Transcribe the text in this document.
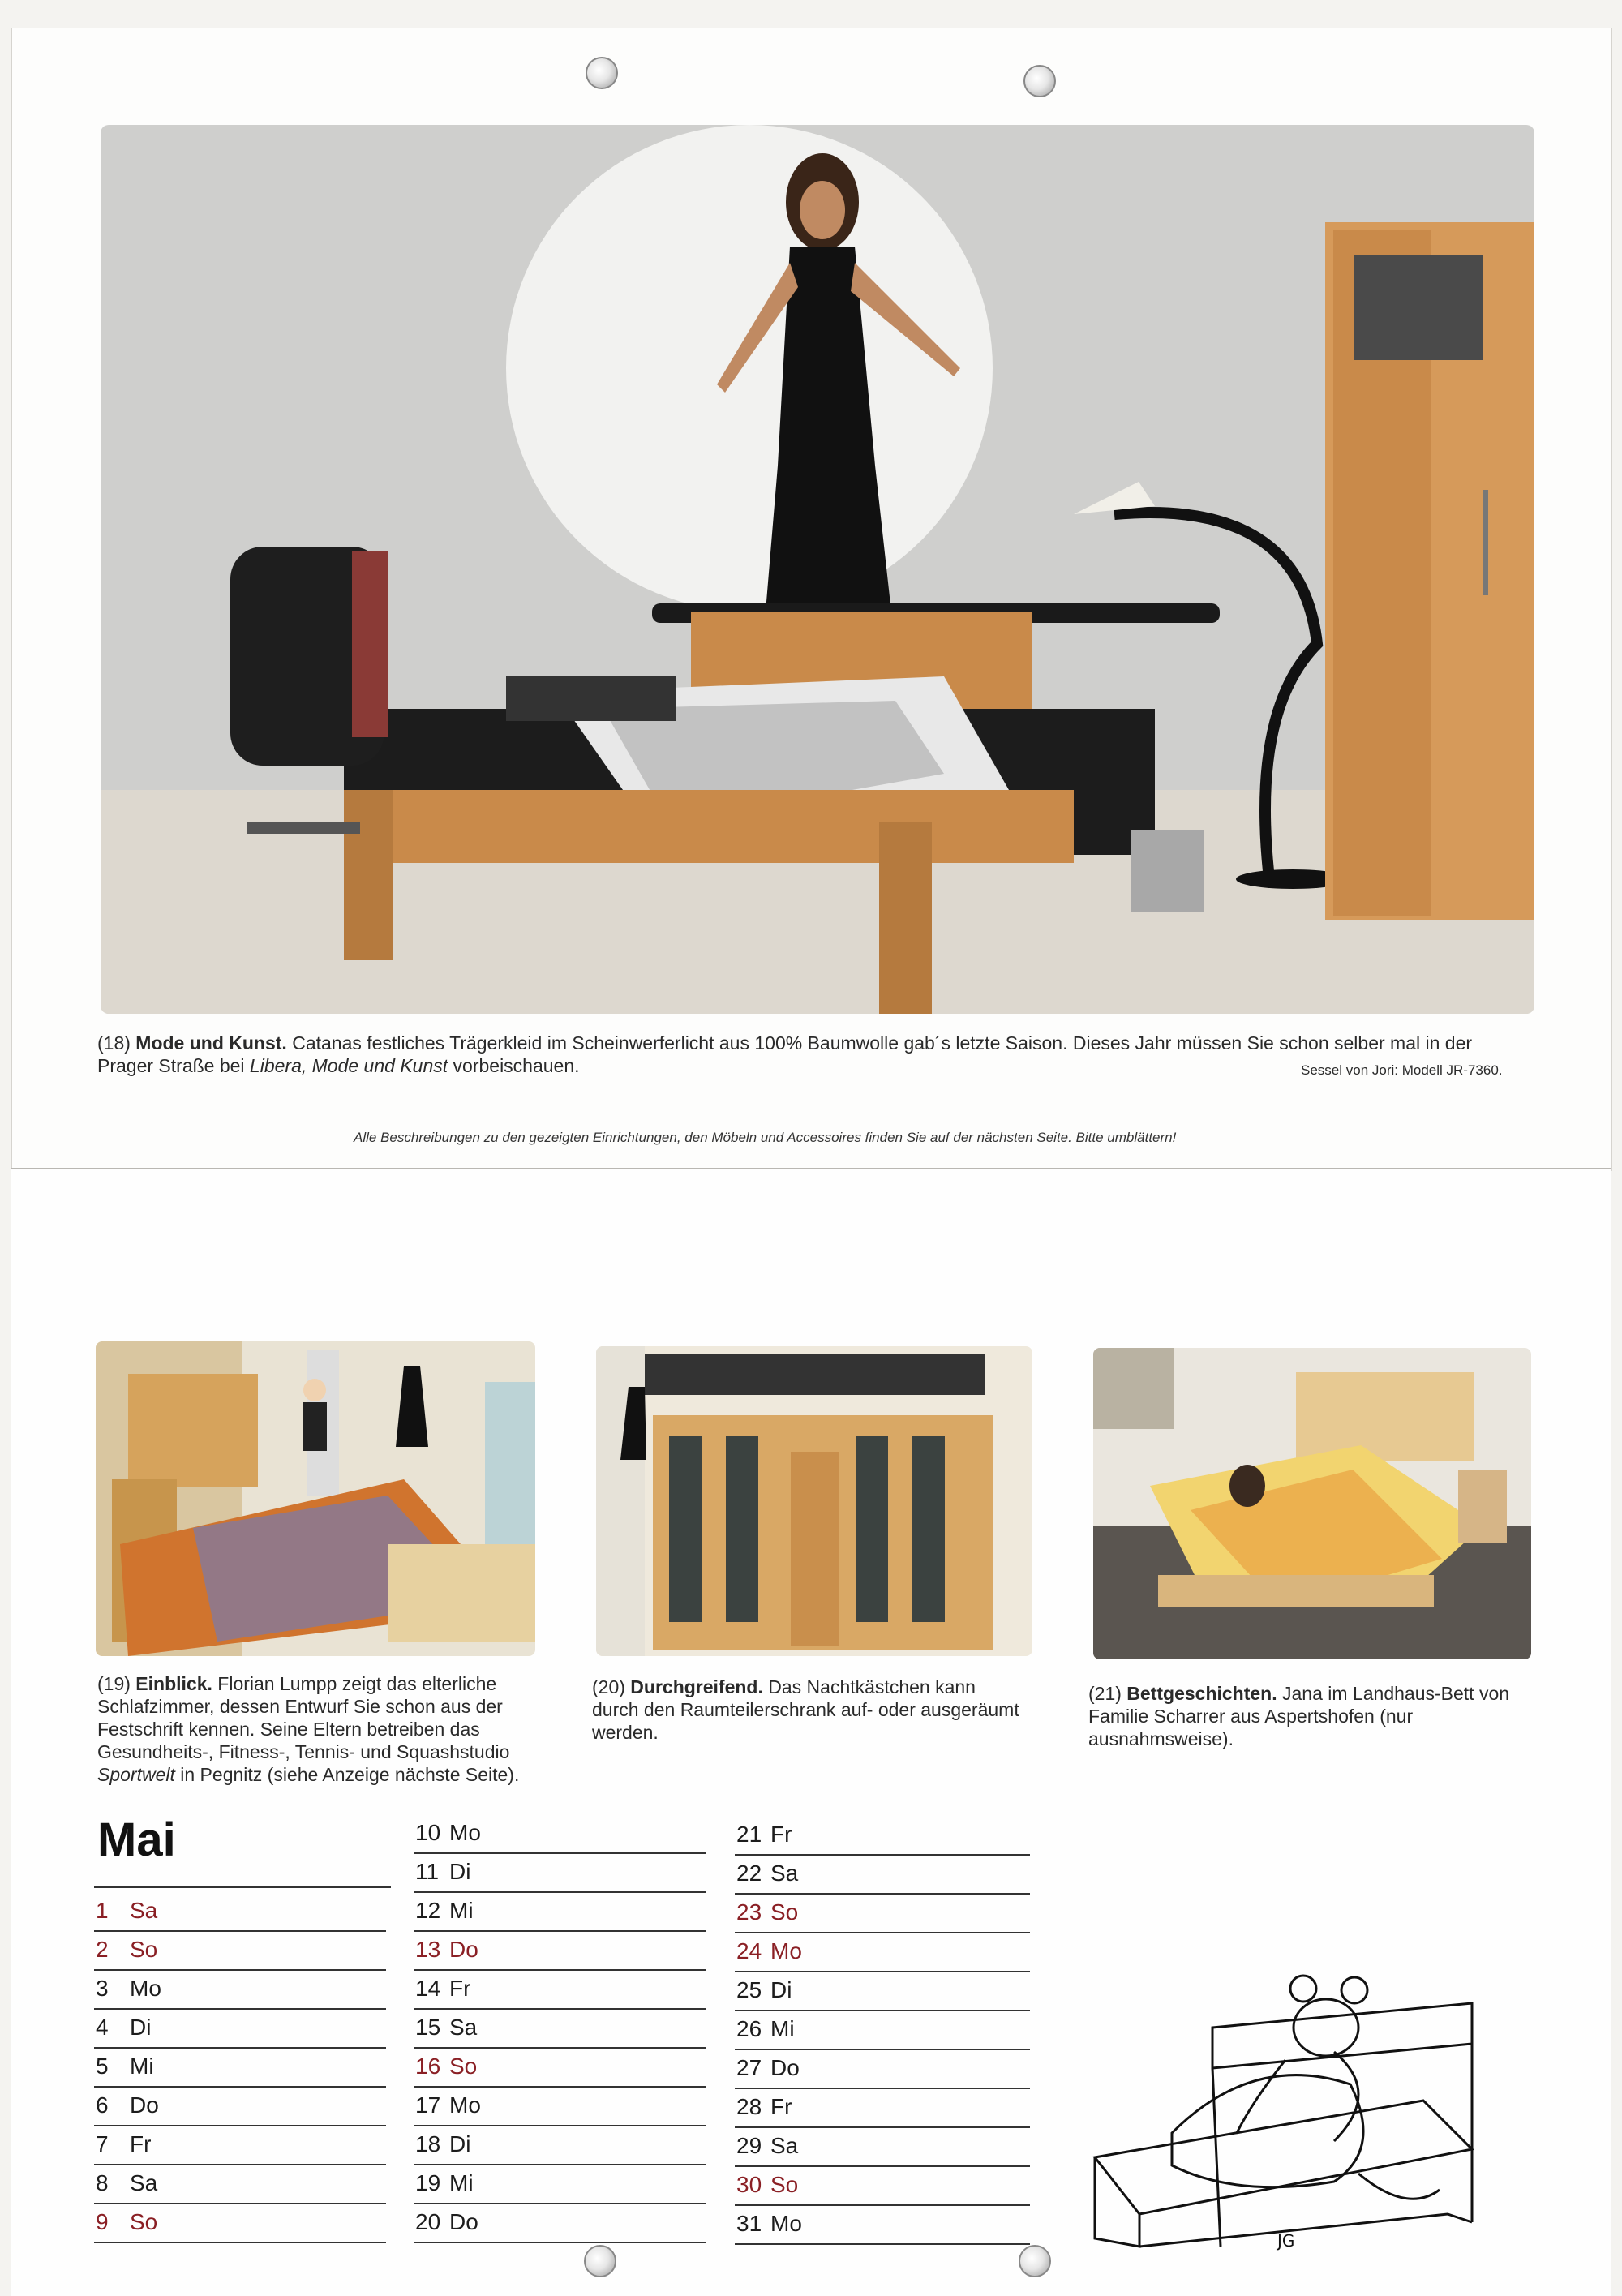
(18) Mode und Kunst. Catanas festliches Trägerkleid im Scheinwerferlicht aus 100% Baumwolle gab´s letzte Saison. Dieses Jahr müssen Sie schon selber mal in der
Prager Straße bei Libera, Mode und Kunst vorbeischauen.	Sessel von Jori: Modell JR-7360.
Alle Beschreibungen zu den gezeigten Einrichtungen, den Möbeln und Accessoires finden Sie auf der nächsten Seite. Bitte umblättern!
(19) Einblick. Florian Lumpp zeigt das elterliche
Schlafzimmer, dessen Entwurf Sie schon aus der
Festschrift kennen. Seine Eltern betreiben das
Gesundheits-, Fitness-, Tennis- und Squashstudio
Sportwelt in Pegnitz (siehe Anzeige nächste Seite).
(20) Durchgreifend. Das Nachtkästchen kann
durch den Raumteilerschrank auf- oder ausgeräumt
werden.
(21) Bettgeschichten. Jana im Landhaus-Bett von
Familie Scharrer aus Aspertshofen (nur
ausnahmsweise).
Mai
1 Sa
2 So
3 Mo
4 Di
5 Mi
6 Do
7 Fr
8 Sa
9 So
10 Mo
11 Di
12 Mi
13 Do
14 Fr
15 Sa
16 So
17 Mo
18 Di
19 Mi
20 Do
21 Fr
22 Sa
23 So
24 Mo
25 Di
26 Mi
27 Do
28 Fr
29 Sa
30 So
31 Mo
JG
